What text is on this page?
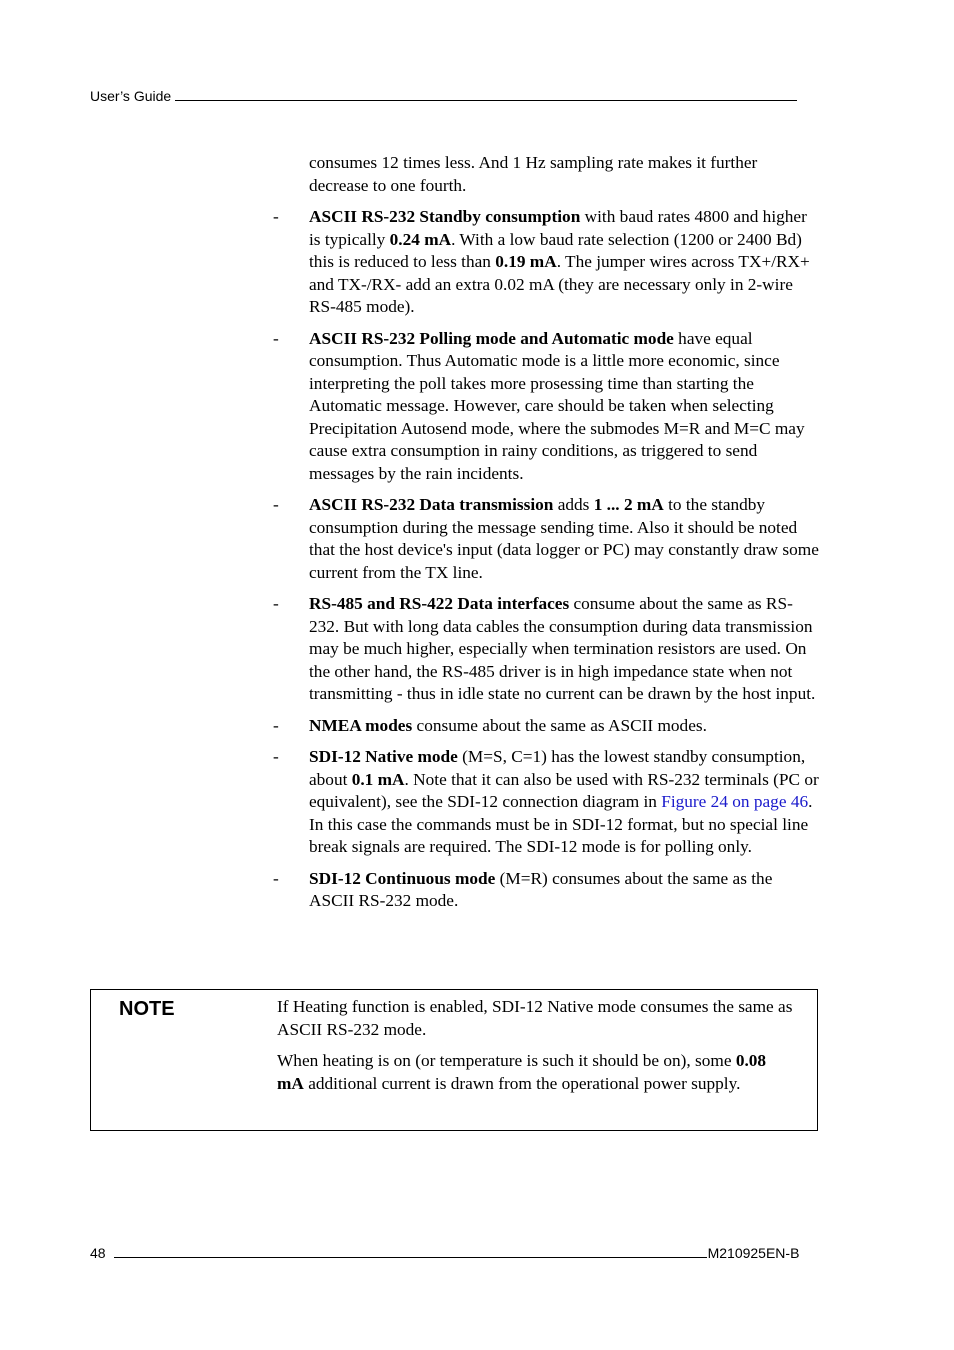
User’s Guide

consumes 12 times less. And 1 Hz sampling rate makes it further decrease to one fourth.

- ASCII RS-232 Standby consumption with baud rates 4800 and higher is typically 0.24 mA. With a low baud rate selection (1200 or 2400 Bd) this is reduced to less than 0.19 mA. The jumper wires across TX+/RX+ and TX-/RX- add an extra 0.02 mA (they are necessary only in 2-wire RS-485 mode).

- ASCII RS-232 Polling mode and Automatic mode have equal consumption. Thus Automatic mode is a little more economic, since interpreting the poll takes more prosessing time than starting the Automatic message. However, care should be taken when selecting Precipitation Autosend mode, where the submodes M=R and M=C may cause extra consumption in rainy conditions, as triggered to send messages by the rain incidents.

- ASCII RS-232 Data transmission adds 1 ... 2 mA to the standby consumption during the message sending time. Also it should be noted that the host device's input (data logger or PC) may constantly draw some current from the TX line.

- RS-485 and RS-422 Data interfaces consume about the same as RS-232. But with long data cables the consumption during data transmission may be much higher, especially when termination resistors are used. On the other hand, the RS-485 driver is in high impedance state when not transmitting - thus in idle state no current can be drawn by the host input.

- NMEA modes consume about the same as ASCII modes.

- SDI-12 Native mode (M=S, C=1) has the lowest standby consumption, about 0.1 mA. Note that it can also be used with RS-232 terminals (PC or equivalent), see the SDI-12 connection diagram in Figure 24 on page 46. In this case the commands must be in SDI-12 format, but no special line break signals are required. The SDI-12 mode is for polling only.

- SDI-12 Continuous mode (M=R) consumes about the same as the ASCII RS-232 mode.

NOTE	If Heating function is enabled, SDI-12 Native mode consumes the same as ASCII RS-232 mode.

When heating is on (or temperature is such it should be on), some 0.08 mA additional current is drawn from the operational power supply.

48	M210925EN-B
